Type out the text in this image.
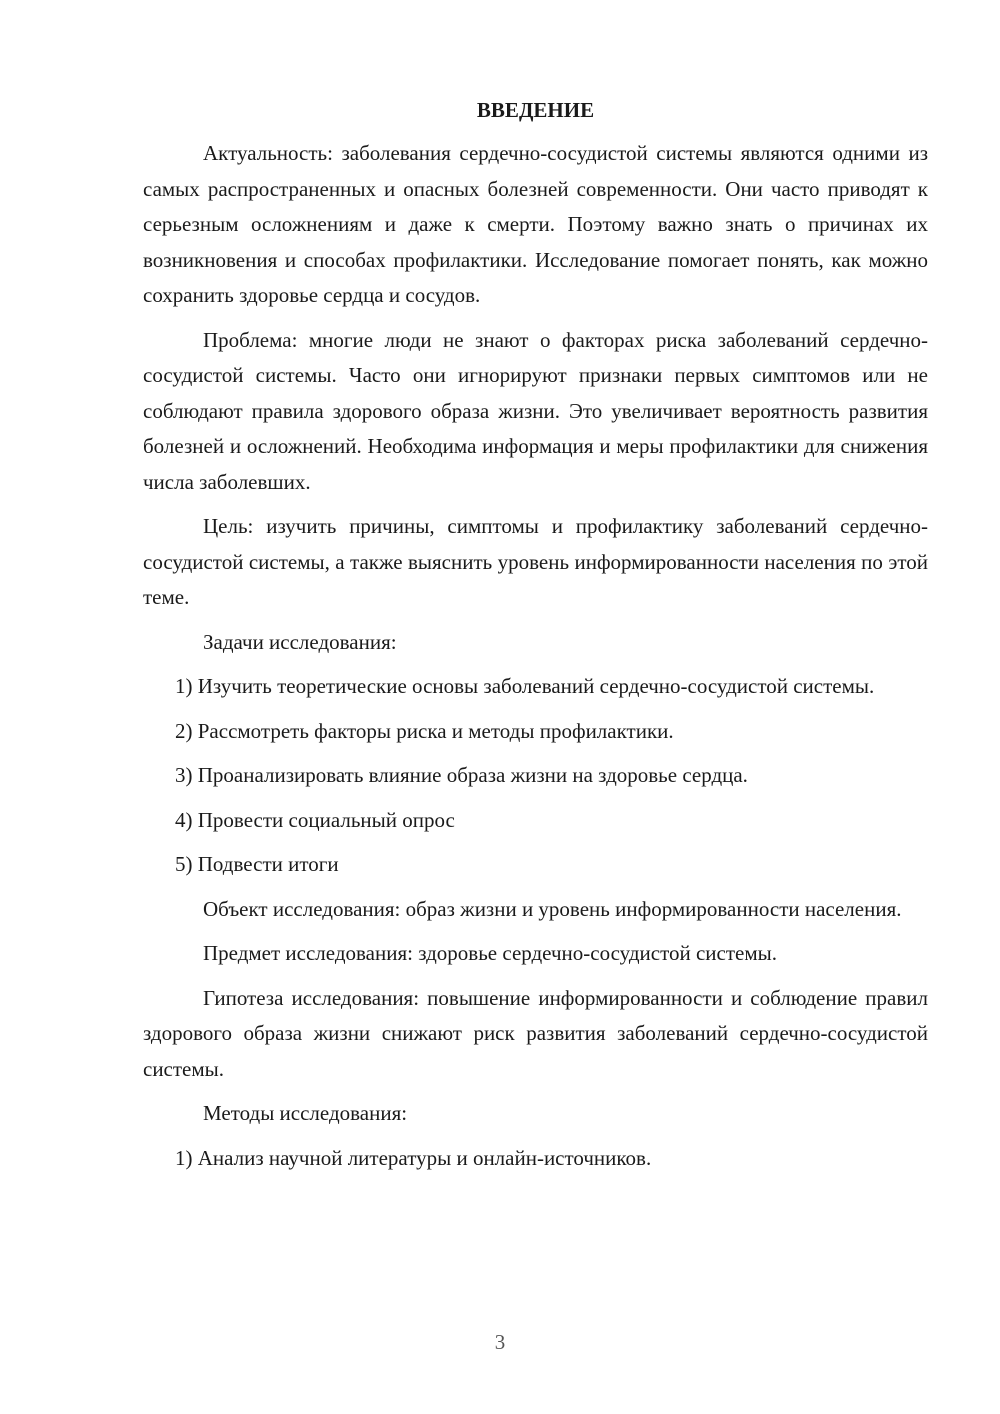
ВВЕДЕНИЕ

Актуальность: заболевания сердечно-сосудистой системы являются одними из самых распространенных и опасных болезней современности. Они часто приводят к серьезным осложнениям и даже к смерти. Поэтому важно знать о причинах их возникновения и способах профилактики. Исследование помогает понять, как можно сохранить здоровье сердца и сосудов.

Проблема: многие люди не знают о факторах риска заболеваний сердечно-сосудистой системы. Часто они игнорируют признаки первых симптомов или не соблюдают правила здорового образа жизни. Это увеличивает вероятность развития болезней и осложнений. Необходима информация и меры профилактики для снижения числа заболевших.

Цель: изучить причины, симптомы и профилактику заболеваний сердечно-сосудистой системы, а также выяснить уровень информированности населения по этой теме.

Задачи исследования:

1) Изучить теоретические основы заболеваний сердечно-сосудистой системы.

2) Рассмотреть факторы риска и методы профилактики.

3) Проанализировать влияние образа жизни на здоровье сердца.

4) Провести социальный опрос

5) Подвести итоги

Объект исследования: образ жизни и уровень информированности населения.

Предмет исследования: здоровье сердечно-сосудистой системы.

Гипотеза исследования: повышение информированности и соблюдение правил здорового образа жизни снижают риск развития заболеваний сердечно-сосудистой системы.

Методы исследования:

1) Анализ научной литературы и онлайн-источников.

3
